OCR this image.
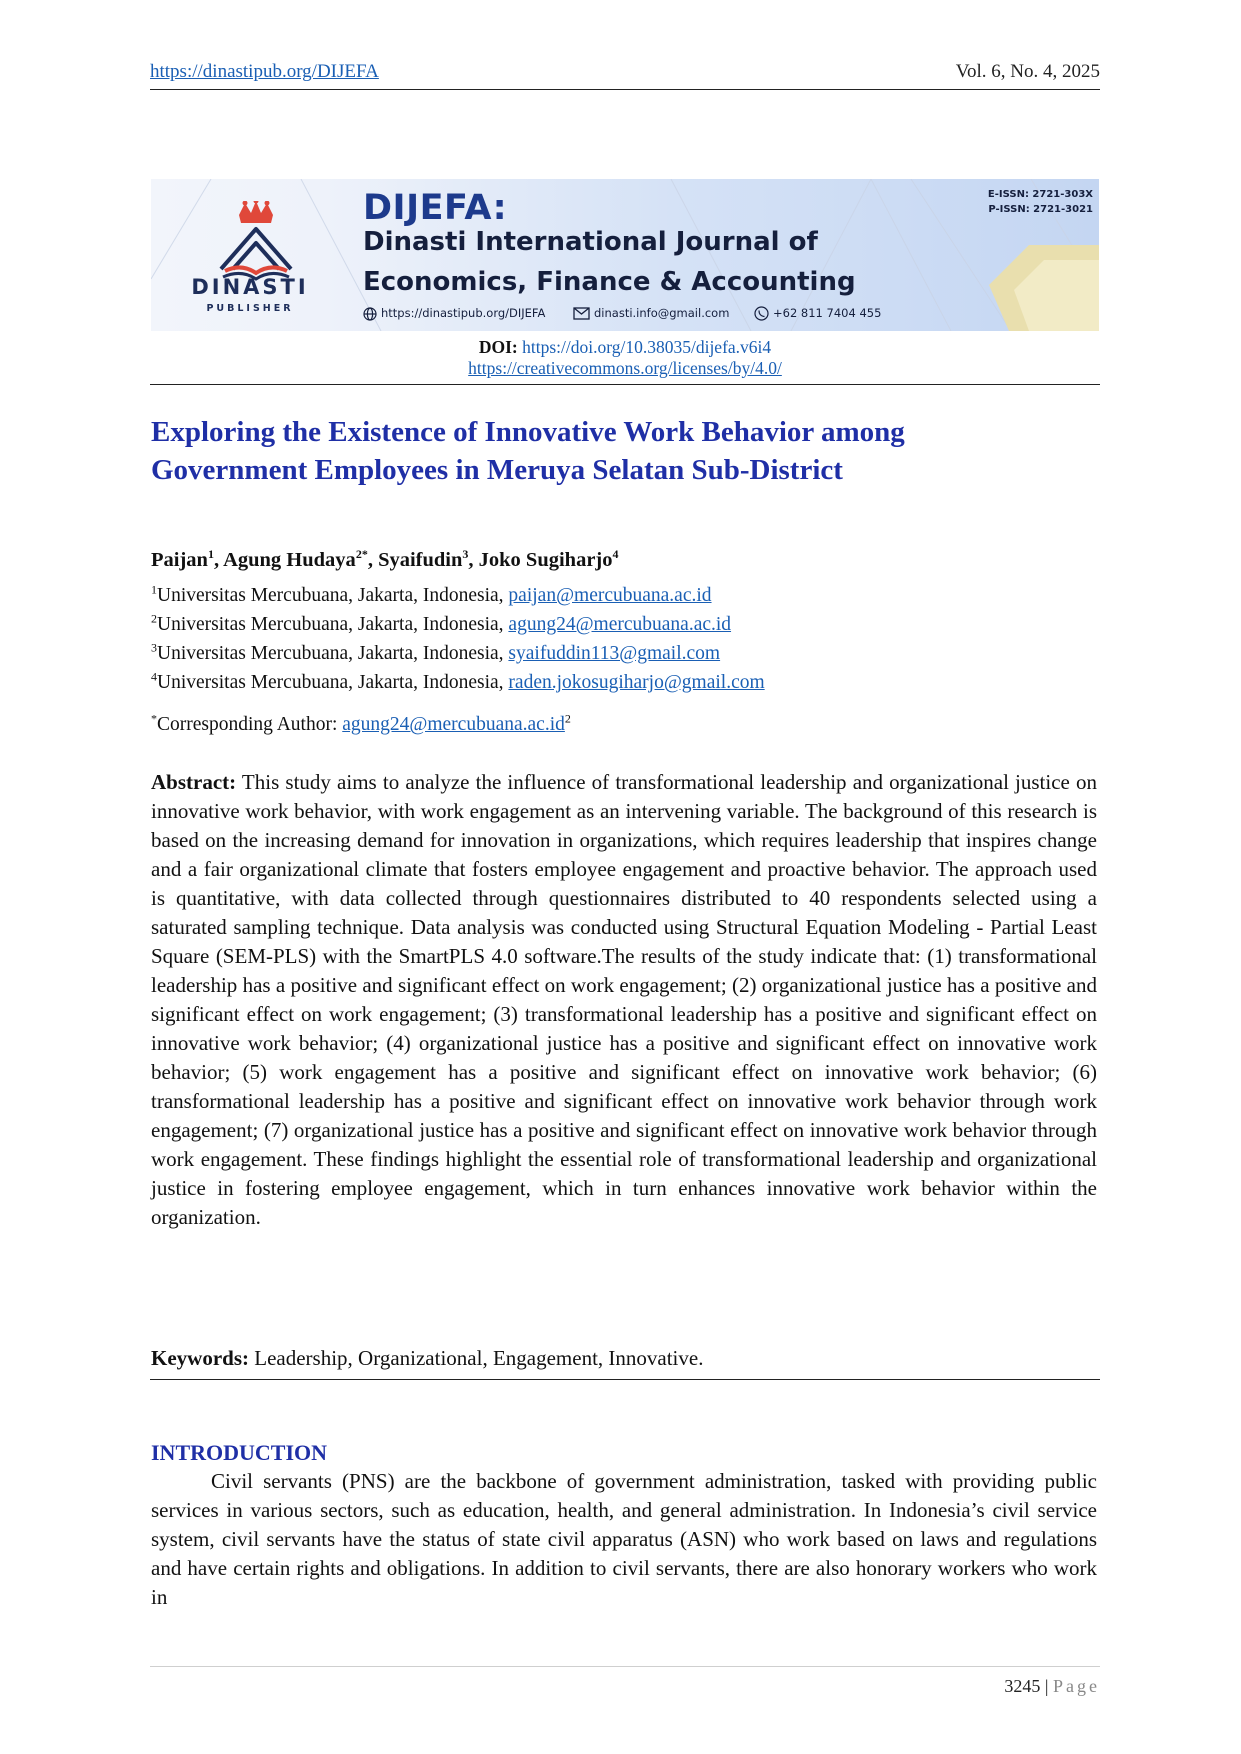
https://dinastipub.org/DIJEFA	Vol. 6, No. 4, 2025
DINASTI
PUBLISHER
DIJEFA:
Dinasti International Journal of
Economics, Finance & Accounting
https://dinastipub.org/DIJEFA	dinasti.info@gmail.com	+62 811 7404 455
E-ISSN: 2721-303X
P-ISSN: 2721-3021
DOI: https://doi.org/10.38035/dijefa.v6i4
https://creativecommons.org/licenses/by/4.0/
Exploring the Existence of Innovative Work Behavior among
Government Employees in Meruya Selatan Sub-District
Paijan$^1$, Agung Hudaya$^{2*}$, Syaifudin$^3$, Joko Sugiharjo$^4$
$^1$Universitas Mercubuana, Jakarta, Indonesia, paijan@mercubuana.ac.id
$^2$Universitas Mercubuana, Jakarta, Indonesia, agung24@mercubuana.ac.id
$^3$Universitas Mercubuana, Jakarta, Indonesia, syaifuddin113@gmail.com
$^4$Universitas Mercubuana, Jakarta, Indonesia, raden.jokosugiharjo@gmail.com
*Corresponding Author: $agung24@mercubuana.ac.id^2$
Abstract: This study aims to analyze the influence of transformational leadership and organizational justice on innovative work behavior, with work engagement as an intervening variable. The background of this research is based on the increasing demand for innovation in organizations, which requires leadership that inspires change and a fair organizational climate that fosters employee engagement and proactive behavior. The approach used is quantitative, with data collected through questionnaires distributed to 40 respondents selected using a saturated sampling technique. Data analysis was conducted using Structural Equation Modeling - Partial Least Square (SEM-PLS) with the SmartPLS 4.0 software.The results of the study indicate that: (1) transformational leadership has a positive and significant effect on work engagement; (2) organizational justice has a positive and significant effect on work engagement; (3) transformational leadership has a positive and significant effect on innovative work behavior; (4) organizational justice has a positive and significant effect on innovative work behavior; (5) work engagement has a positive and significant effect on innovative work behavior; (6) transformational leadership has a positive and significant effect on innovative work behavior through work engagement; (7) organizational justice has a positive and significant effect on innovative work behavior through work engagement. These findings highlight the essential role of transformational leadership and organizational justice in fostering employee engagement, which in turn enhances innovative work behavior within the organization.
Keywords: Leadership, Organizational, Engagement, Innovative.
INTRODUCTION
Civil servants (PNS) are the backbone of government administration, tasked with providing public services in various sectors, such as education, health, and general administration. In Indonesia’s civil service system, civil servants have the status of state civil apparatus (ASN) who work based on laws and regulations and have certain rights and obligations. In addition to civil servants, there are also honorary workers who work in
3245 | Page
